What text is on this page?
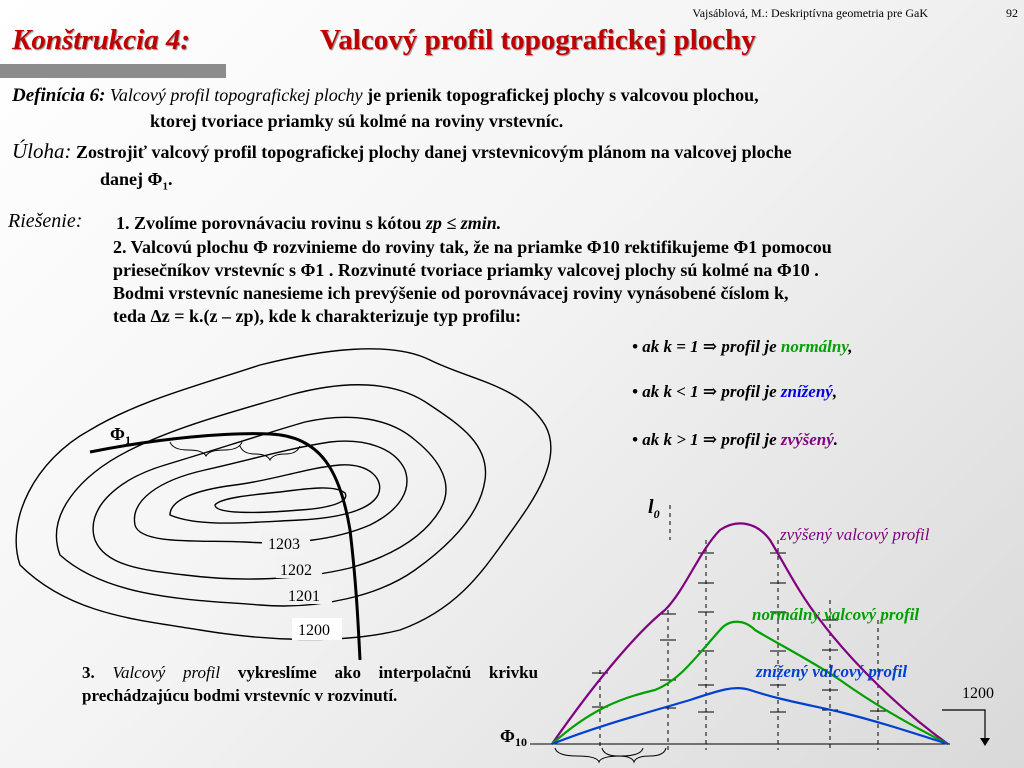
Vajsáblová, M.: Deskriptívna geometria pre GaK	92
Konštrukcia 4:	Valcový profil topografickej plochy
Definícia 6: Valcový profil topografickej plochy je prienik topografickej plochy s valcovou plochou,
ktorej tvoriace priamky sú kolmé na roviny vrstevníc.
Úloha: Zostrojiť valcový profil topografickej plochy danej vrstevnicovým plánom na valcovej ploche
danej $\Phi_1$.
Riešenie: 1. Zvolíme porovnávaciu rovinu s kótou zp ≤ zmin.
2. Valcovú plochu Φ rozvinieme do roviny tak, že na priamke Φ10 rektifikujeme Φ1 pomocou
priesečníkov vrstevníc s Φ1 . Rozvinuté tvoriace priamky valcovej plochy sú kolmé na Φ10 .
Bodmi vrstevníc nanesieme ich prevýšenie od porovnávacej roviny vynásobené číslom k,
teda Δz = k.(z – zp), kde k charakterizuje typ profilu:
• ak k = 1 ⇒ profil je normálny,
• ak k < 1 ⇒ profil je znížený,
• ak k > 1 ⇒ profil je zvýšený.
3. Valcový profil vykreslíme ako interpolačnú krivku prechádzajúcu bodmi vrstevníc v rozvinutí.
$\Phi_1$
1203
1202
1201
1200
$l_0$
$\Phi_{10}$
1200
zvýšený valcový profil
normálny valcový profil
znížený valcový profil
